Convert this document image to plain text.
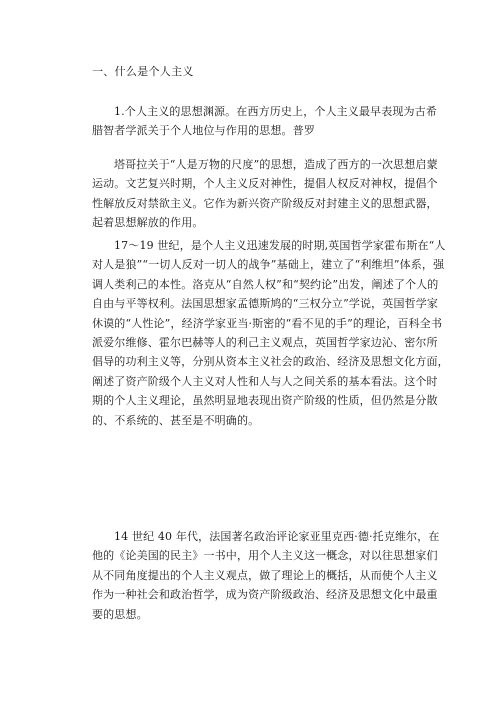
一、什么是个人主义
1.个人主义的思想渊源。在西方历史上，个人主义最早表现为古希
腊智者学派关于个人地位与作用的思想。普罗
塔哥拉关于“人是万物的尺度”的思想，造成了西方的一次思想启蒙
运动。文艺复兴时期，个人主义反对神性，提倡人权反对神权，提倡个
性解放反对禁欲主义。它作为新兴资产阶级反对封建主义的思想武器，
起着思想解放的作用。
17～19 世纪，是个人主义迅速发展的时期,英国哲学家霍布斯在“人
对人是狼”“一切人反对一切人的战争”基础上，建立了“利维坦”体系，强
调人类利己的本性。洛克从“自然人权”和“契约论”出发，阐述了个人的
自由与平等权利。法国思想家孟德斯鸠的“三权分立”学说，英国哲学家
休谟的“人性论”，经济学家亚当·斯密的“看不见的手”的理论，百科全书
派爱尔维修、霍尔巴赫等人的利己主义观点，英国哲学家边沁、密尔所
倡导的功利主义等，分别从资本主义社会的政治、经济及思想文化方面，
阐述了资产阶级个人主义对人性和人与人之间关系的基本看法。这个时
期的个人主义理论，虽然明显地表现出资产阶级的性质，但仍然是分散
的、不系统的、甚至是不明确的。
14 世纪 40 年代，法国著名政治评论家亚里克西·德·托克维尔，在
他的《论美国的民主》一书中，用个人主义这一概念，对以往思想家们
从不同角度提出的个人主义观点，做了理论上的概括，从而使个人主义
作为一种社会和政治哲学，成为资产阶级政治、经济及思想文化中最重
要的思想。
